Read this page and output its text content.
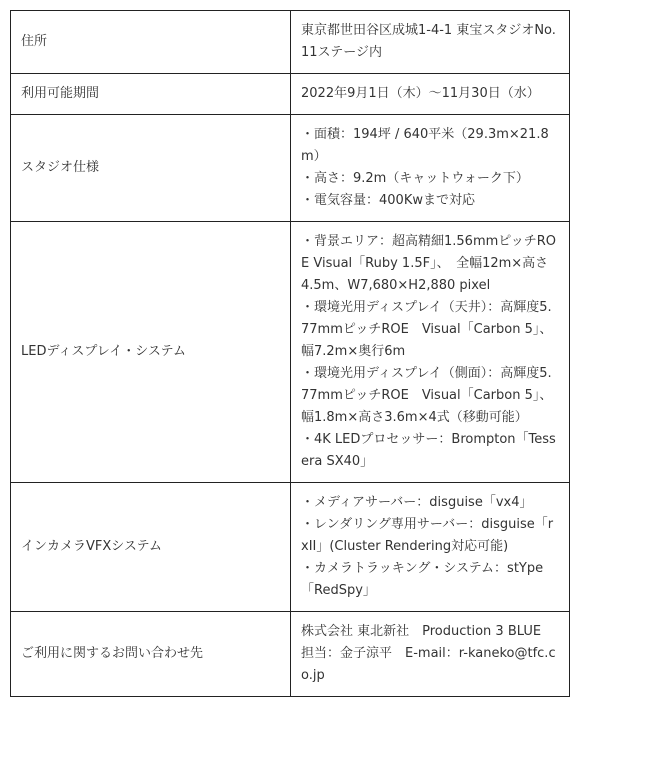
住所	東京都世田谷区成城1-4-1 東宝スタジオNo.11ステージ内

利用可能期間	2022年9月1日（木）〜11月30日（水）

スタジオ仕様	・面積：194坪 / 640平米（29.3m×21.8m）
・高さ：9.2m（キャットウォーク下）
・電気容量：400Kwまで対応

LEDディスプレイ・システム	・背景エリア：超高精細1.56mmピッチROE Visual「Ruby 1.5F」、　全幅12m×高さ4.5m、W7,680×H2,880 pixel
・環境光用ディスプレイ（天井）：高輝度5.77mmピッチROE　Visual「Carbon 5」、幅7.2m×奥行6m
・環境光用ディスプレイ（側面）：高輝度5.77mmピッチROE　Visual「Carbon 5」、幅1.8m×高さ3.6m×4式（移動可能）
・4K LEDプロセッサー：Brompton「Tessera SX40」

インカメラVFXシステム	・メディアサーバー：disguise「vx4」
・レンダリング専用サーバー：disguise「rxII」(Cluster Rendering対応可能)
・カメラトラッキング・システム：stYpe「RedSpy」

ご利用に関するお問い合わせ先	株式会社 東北新社　Production 3 BLUE
担当：金子涼平　E-mail：r-kaneko@tfc.co.jp
